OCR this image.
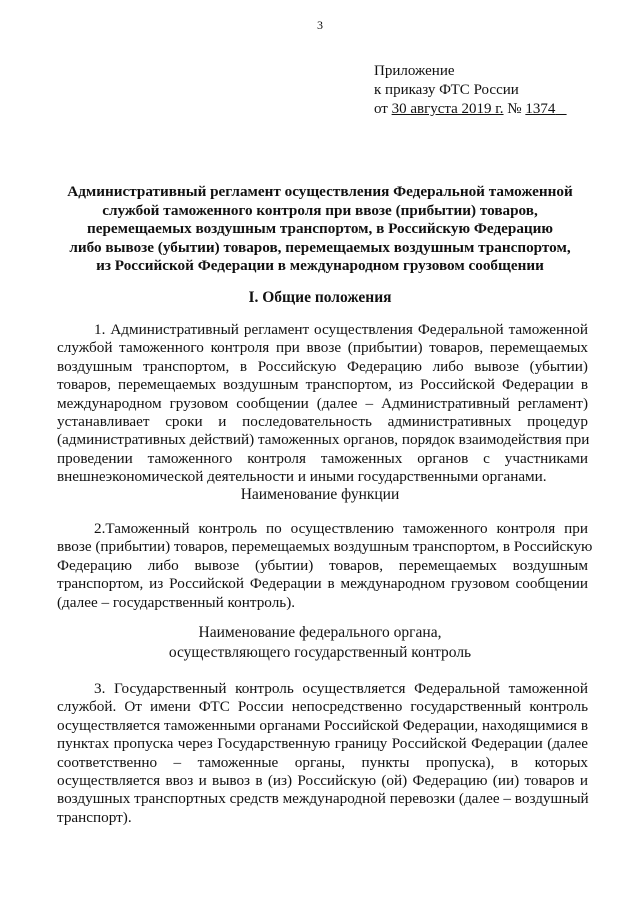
3
Приложение
к приказу ФТС России
от 30 августа 2019 г. № 1374
Административный регламент осуществления Федеральной таможенной
службой таможенного контроля при ввозе (прибытии) товаров,
перемещаемых воздушным транспортом, в Российскую Федерацию
либо вывозе (убытии) товаров, перемещаемых воздушным транспортом,
из Российской Федерации в международном грузовом сообщении
I. Общие положения
1. Административный регламент осуществления Федеральной таможенной
службой таможенного контроля при ввозе (прибытии) товаров, перемещаемых
воздушным транспортом, в Российскую Федерацию либо вывозе (убытии)
товаров, перемещаемых воздушным транспортом, из Российской Федерации в
международном грузовом сообщении (далее – Административный регламент)
устанавливает сроки и последовательность административных процедур
(административных действий) таможенных органов, порядок взаимодействия при
проведении таможенного контроля таможенных органов с участниками
внешнеэкономической деятельности и иными государственными органами.
Наименование функции
2.Таможенный контроль по осуществлению таможенного контроля при
ввозе (прибытии) товаров, перемещаемых воздушным транспортом, в Российскую
Федерацию либо вывозе (убытии) товаров, перемещаемых воздушным
транспортом, из Российской Федерации в международном грузовом сообщении
(далее – государственный контроль).
Наименование федерального органа,
осуществляющего государственный контроль
3. Государственный контроль осуществляется Федеральной таможенной
службой. От имени ФТС России непосредственно государственный контроль
осуществляется таможенными органами Российской Федерации, находящимися в
пунктах пропуска через Государственную границу Российской Федерации (далее
соответственно – таможенные органы, пункты пропуска), в которых
осуществляется ввоз и вывоз в (из) Российскую (ой) Федерацию (ии) товаров и
воздушных транспортных средств международной перевозки (далее – воздушный
транспорт).
